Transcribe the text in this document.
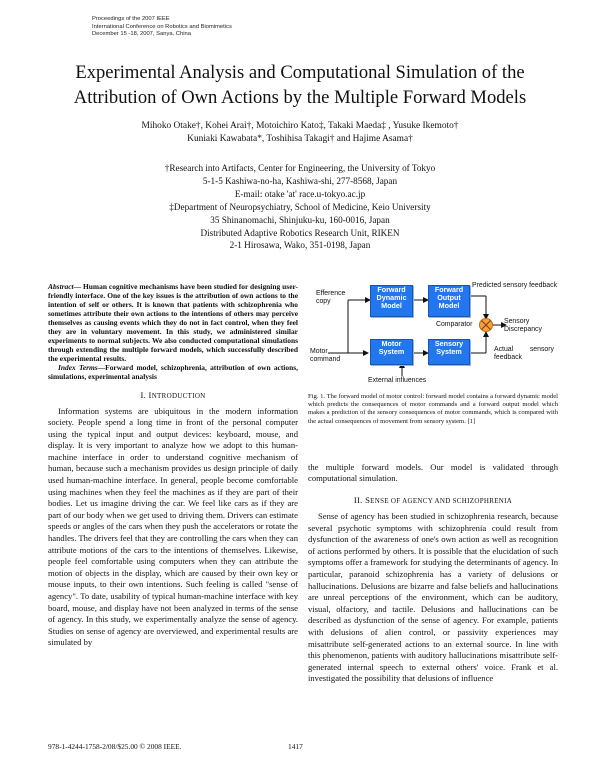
Proceedings of the 2007 IEEE
International Conference on Robotics and Biomimetics
December 15 -18, 2007, Sanya, China
Experimental Analysis and Computational Simulation of the
Attribution of Own Actions by the Multiple Forward Models
Mihoko Otake†, Kohei Arai†, Motoichiro Kato‡, Takaki Maeda‡ , Yusuke Ikemoto†
Kuniaki Kawabata*, Toshihisa Takagi† and Hajime Asama†
†Research into Artifacts, Center for Engineering, the University of Tokyo
5-1-5 Kashiwa-no-ha, Kashiwa-shi, 277-8568, Japan
E-mail: otake 'at' race.u-tokyo.ac.jp
‡Department of Neuropsychiatry, School of Medicine, Keio University
35 Shinanomachi, Shinjuku-ku, 160-0016, Japan
Distributed Adaptive Robotics Research Unit, RIKEN
2-1 Hirosawa, Wako, 351-0198, Japan

Abstract— Human cognitive mechanisms have been studied for designing user-friendly interface. One of the key issues is the attribution of own actions to the intention of self or others. It is known that patients with schizophrenia who sometimes attribute their own actions to the intentions of others may perceive themselves as causing events which they do not in fact control, when they feel they are in voluntary movement. In this study, we administered similar experiments to normal subjects. We also conducted computational simulations through extending the multiple forward models, which successfully described the experimental results.

Index Terms—Forward model, schizophrenia, attribution of own actions, simulations, experimental analysis

I. INTRODUCTION

Information systems are ubiquitous in the modern information society. People spend a long time in front of the personal computer using the typical input and output devices: keyboard, mouse, and display. It is very important to analyze how we adopt to this human-machine interface in order to understand cognitive mechanism of human, because such a mechanism provides us design principle of daily used human-machine interface. In general, people become comfortable using machines when they feel the machines as if they are part of their bodies. Let us imagine driving the car. We feel like cars as if they are part of our body when we get used to driving them. Drivers can estimate speeds or angles of the cars when they push the accelerators or rotate the handles. The drivers feel that they are controlling the cars when they can attribute motions of the cars to the intentions of themselves. Likewise, people feel comfortable using computers when they can attribute the motion of objects in the display, which are caused by their own key or mouse inputs, to their own intentions. Such feeling is called "sense of agency". To date, usability of typical human-machine interface with key board, mouse, and display have not been analyzed in terms of the sense of agency. In this study, we experimentally analyze the sense of agency. Studies on sense of agency are overviewed, and experimental results are simulated by

Forward Dynamic Model
Forward Output Model
Motor System
Sensory System
Efference copy
Predicted sensory feedback
Comparator	Sensory Discrepancy
Motor command
Actual sensory feedback
External influences

Fig. 1. The forward model of motor control: forward model contains a forward dynamic model which predicts the consequences of motor commands and a forward output model which makes a prediction of the sensory consequences of motor commands, which is compared with the actual consequences of movement from sensory system. [1]

the multiple forward models. Our model is validated through computational simulation.

II. SENSE OF AGENCY AND SCHIZOPHRENIA

Sense of agency has been studied in schizophrenia research, because several psychotic symptoms with schizophrenia could result from dysfunction of the awareness of one's own action as well as recognition of actions performed by others. It is possible that the elucidation of such symptoms offer a framework for studying the determinants of agency. In particular, paranoid schizophrenia has a variety of delusions or hallucinations. Delusions are bizarre and false beliefs and hallucinations are unreal perceptions of the environment, which can be auditory, visual, olfactory, and tactile. Delusions and hallucinations can be described as dysfunction of the sense of agency. For example, patients with delusions of alien control, or passivity experiences may misattribute self-generated actions to an external source. In line with this phenomenon, patients with auditory hallucinations misattribute self-generated internal speech to external others' voice. Frank et al. investigated the possibility that delusions of influence

978-1-4244-1758-2/08/$25.00 © 2008 IEEE.	1417
